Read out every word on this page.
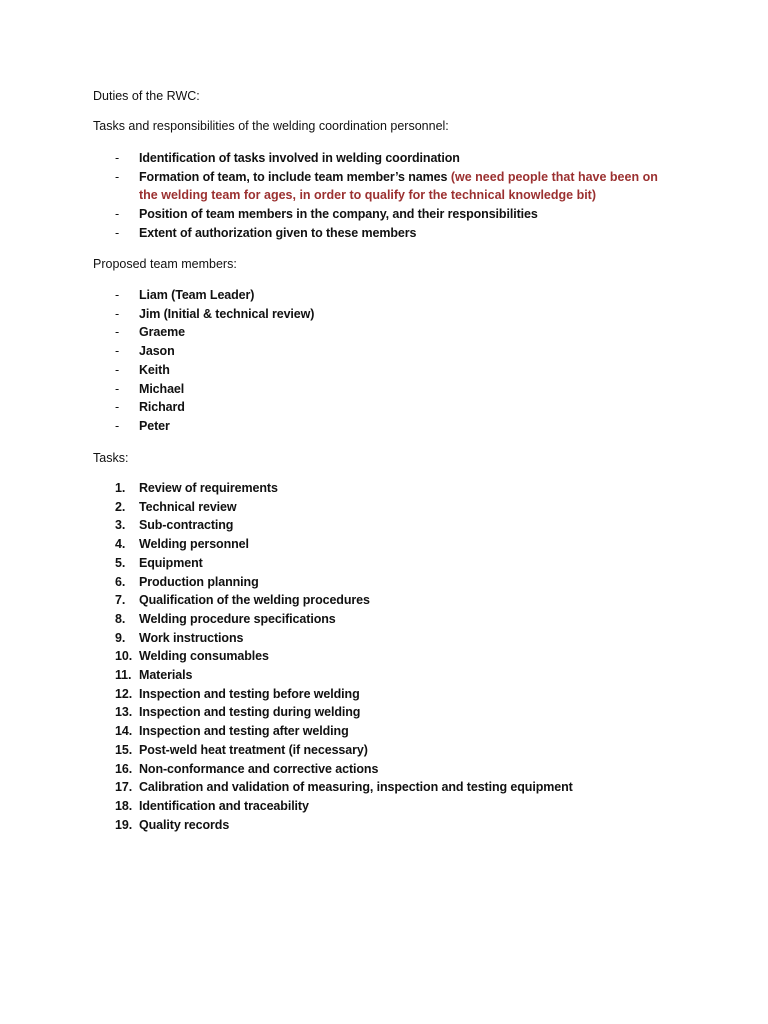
Duties of the RWC:

Tasks and responsibilities of the welding coordination personnel:

- Identification of tasks involved in welding coordination
- Formation of team, to include team member’s names (we need people that have been on
the welding team for ages, in order to qualify for the technical knowledge bit)
- Position of team members in the company, and their responsibilities
- Extent of authorization given to these members

Proposed team members:

- Liam (Team Leader)
- Jim (Initial & technical review)
- Graeme
- Jason
- Keith
- Michael
- Richard
- Peter

Tasks:

1. Review of requirements
2. Technical review
3. Sub-contracting
4. Welding personnel
5. Equipment
6. Production planning
7. Qualification of the welding procedures
8. Welding procedure specifications
9. Work instructions
10. Welding consumables
11. Materials
12. Inspection and testing before welding
13. Inspection and testing during welding
14. Inspection and testing after welding
15. Post-weld heat treatment (if necessary)
16. Non-conformance and corrective actions
17. Calibration and validation of measuring, inspection and testing equipment
18. Identification and traceability
19. Quality records
